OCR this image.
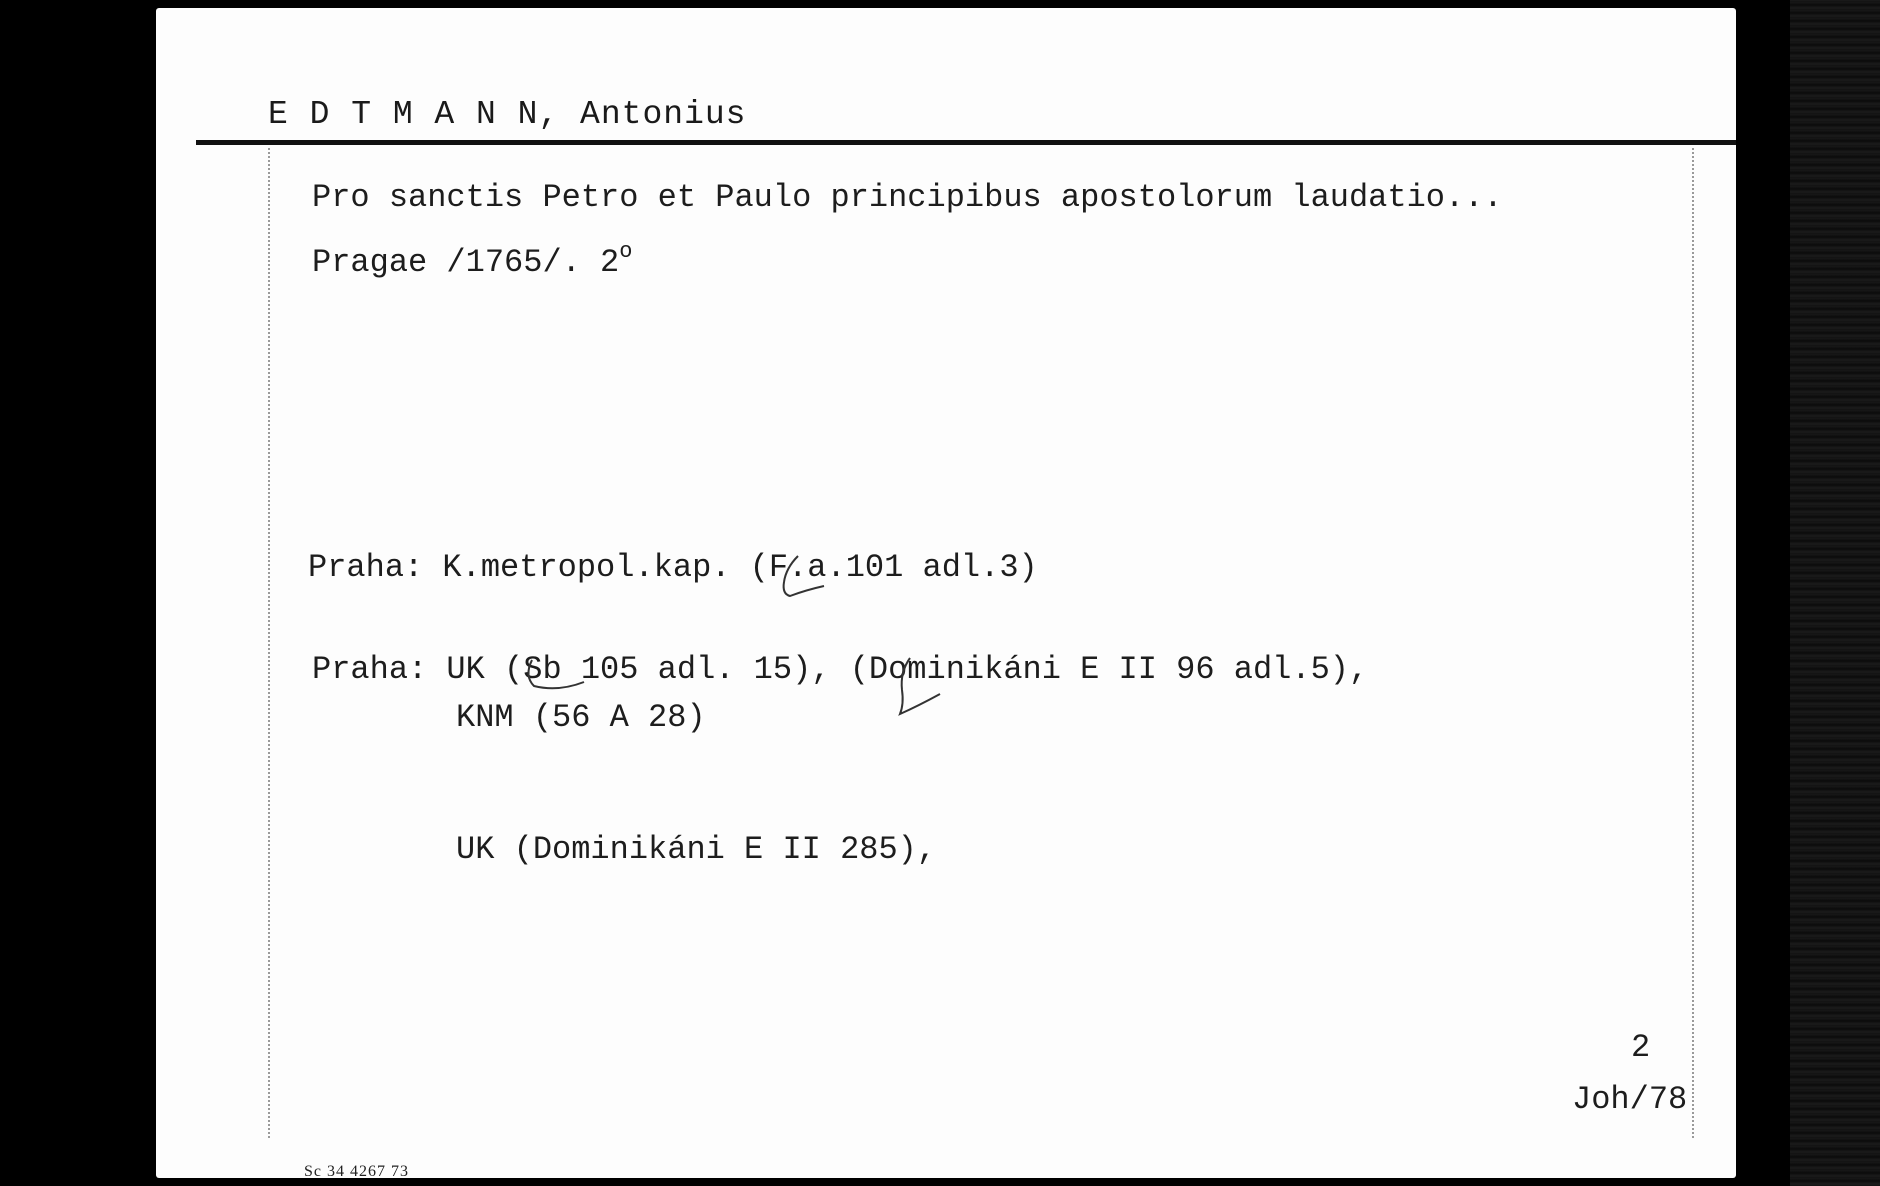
E D T M A N N, Antonius
Pro sanctis Petro et Paulo principibus apostolorum laudatio...
Pragae /1765/. 2$^o$
Praha: K.metropol.kap. (F.a.101 adl.3)
Praha: UK (Sb 105 adl. 15), (Dominikáni E II 96 adl.5),
KNM (56 A 28)
UK (Dominikáni E II 285),
2
Joh/78
Sc 34 4267 73
